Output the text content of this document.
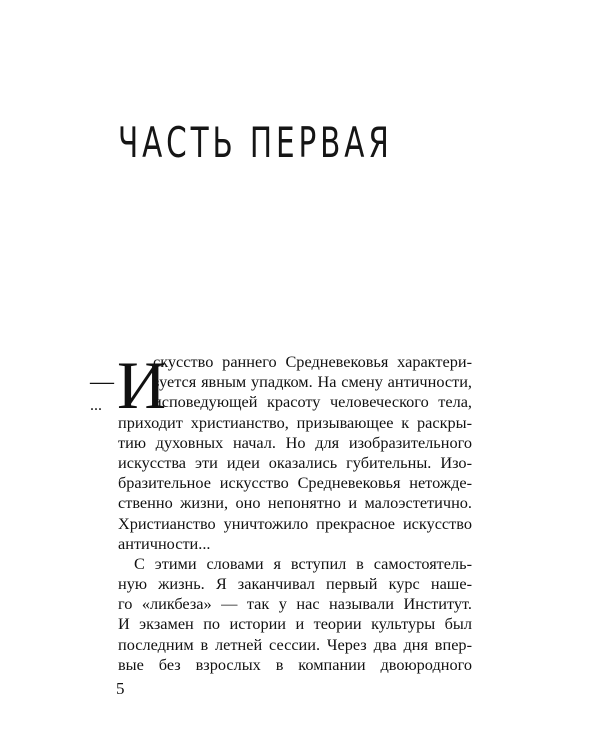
ЧАСТЬ ПЕРВАЯ
—
... И
скусство раннего Средневековья характери-
зуется явным упадком. На смену античности,
исповедующей красоту человеческого тела,
приходит христианство, призывающее к раскры-
тию духовных начал. Но для изобразительного
искусства эти идеи оказались губительны. Изо-
бразительное искусство Средневековья нетожде-
ственно жизни, оно непонятно и малоэстетично.
Христианство уничтожило прекрасное искусство
античности...
С этими словами я вступил в самостоятель-
ную жизнь. Я заканчивал первый курс наше-
го «ликбеза» — так у нас называли Институт.
И экзамен по истории и теории культуры был
последним в летней сессии. Через два дня впер-
вые без взрослых в компании двоюродного
5
